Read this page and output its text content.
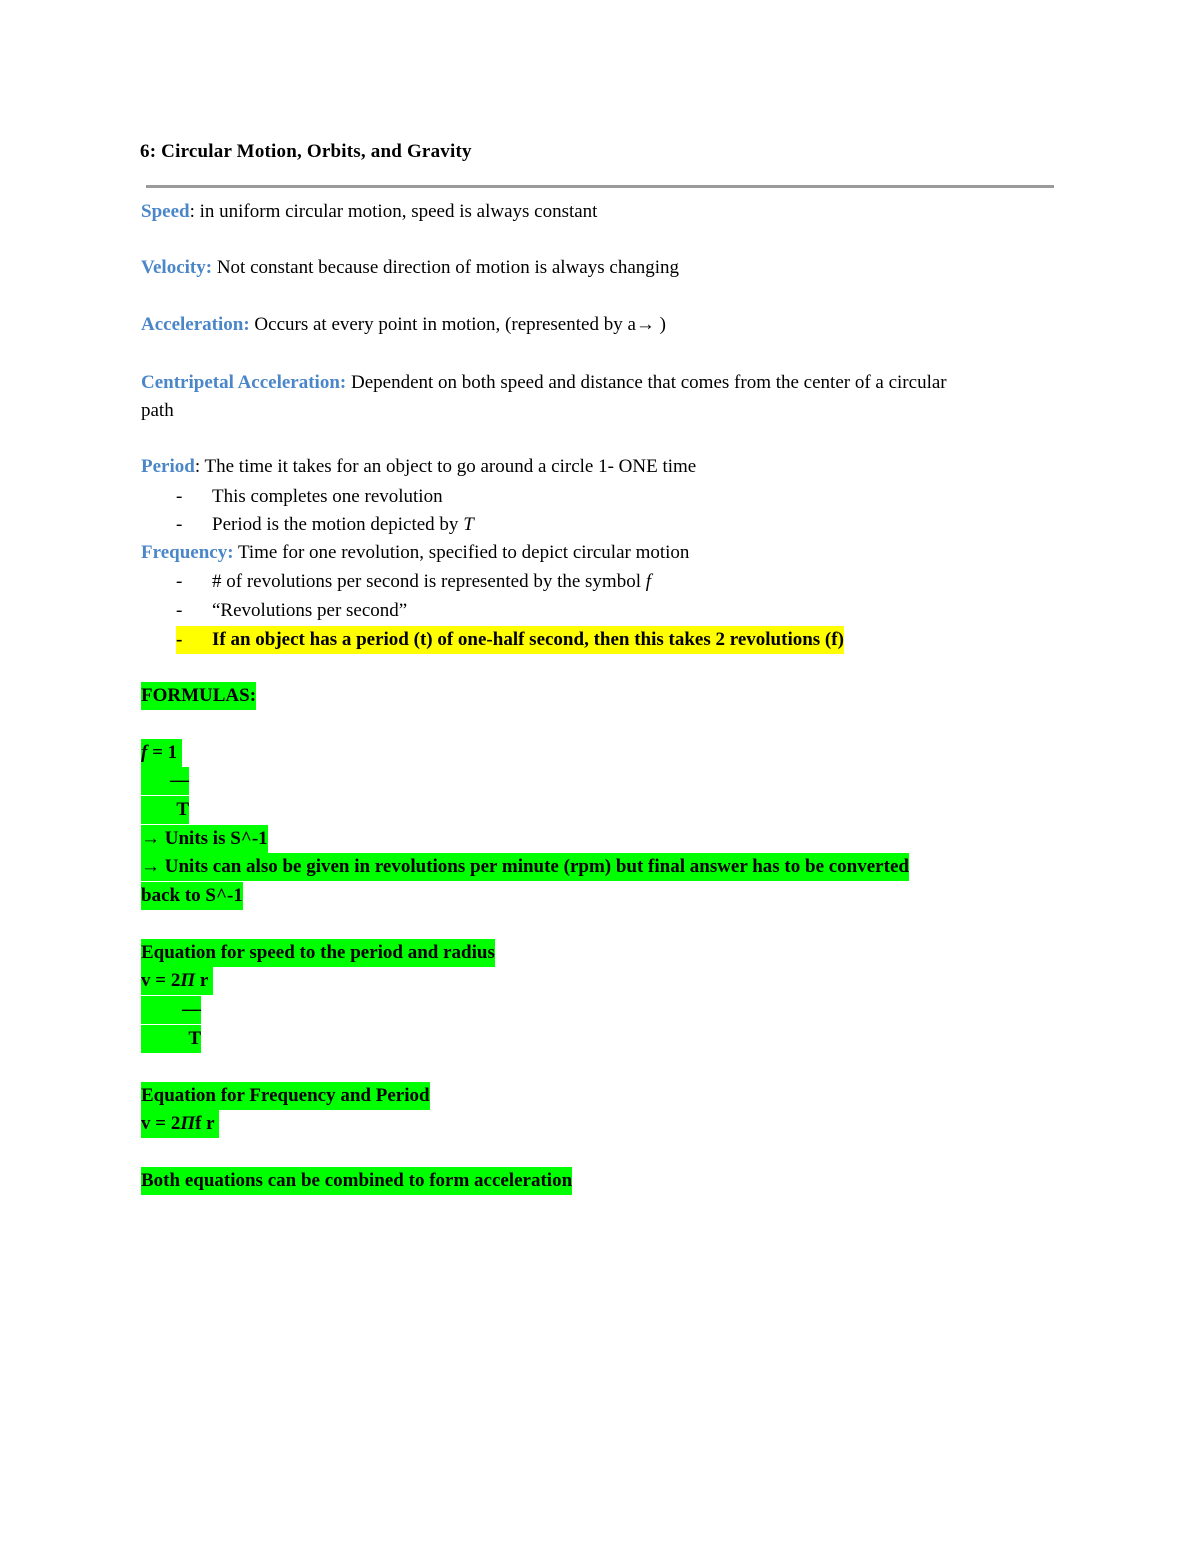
6: Circular Motion, Orbits, and Gravity
Speed: in uniform circular motion, speed is always constant
Velocity: Not constant because direction of motion is always changing
Acceleration: Occurs at every point in motion, (represented by a→ )
Centripetal Acceleration: Dependent on both speed and distance that comes from the center of a circular
path
Period: The time it takes for an object to go around a circle 1- ONE time
- This completes one revolution
- Period is the motion depicted by T
Frequency: Time for one revolution, specified to depict circular motion
- # of revolutions per second is represented by the symbol f
- “Revolutions per second”
- If an object has a period (t) of one-half second, then this takes 2 revolutions (f)
FORMULAS:
f = 1
—
T
→ Units is S^-1
→ Units can also be given in revolutions per minute (rpm) but final answer has to be converted
back to S^-1
Equation for speed to the period and radius
v = 2Π r
—
T
Equation for Frequency and Period
v = 2Πf r
Both equations can be combined to form acceleration
